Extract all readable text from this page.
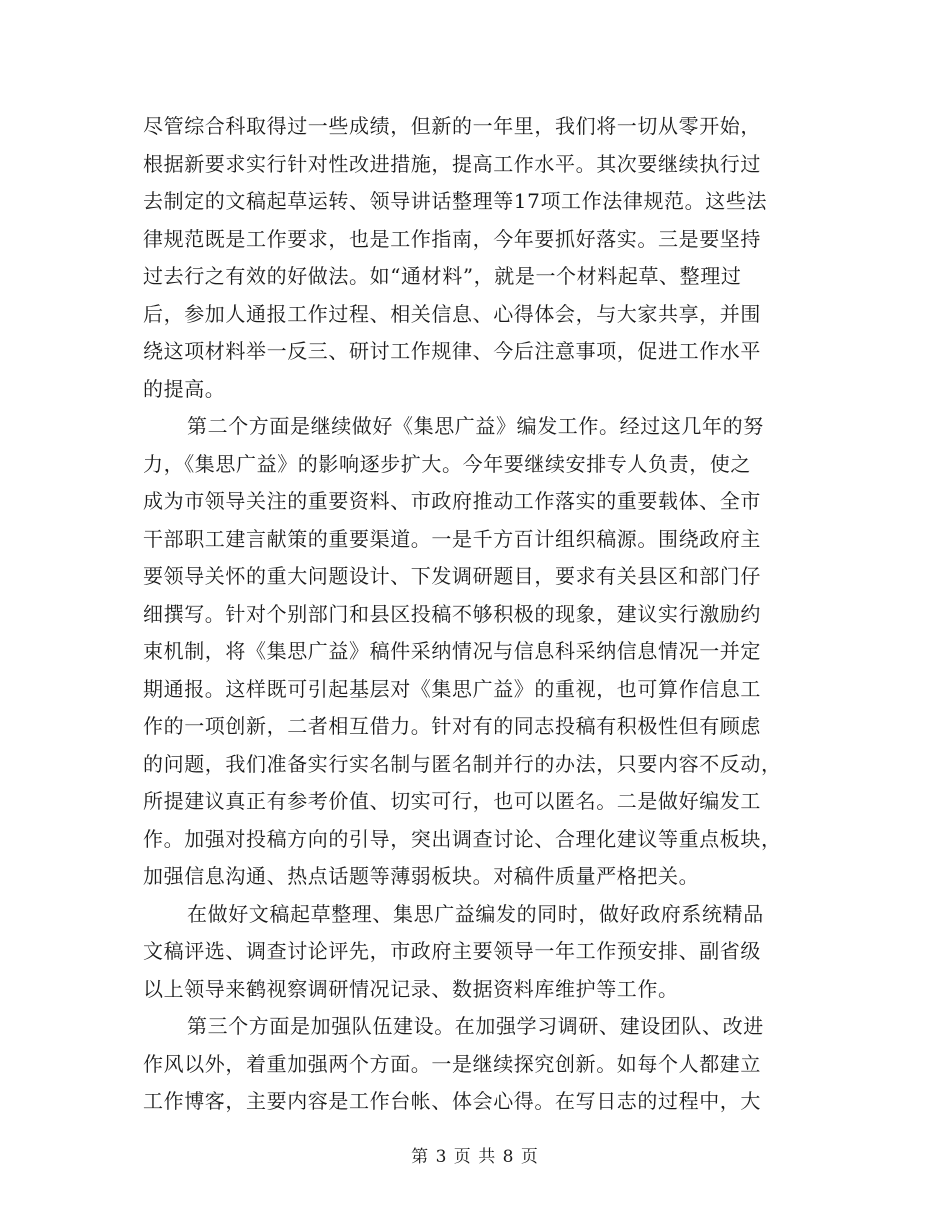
尽管综合科取得过一些成绩，但新的一年里，我们将一切从零开始，
根据新要求实行针对性改进措施，提高工作水平。其次要继续执行过
去制定的文稿起草运转、领导讲话整理等17项工作法律规范。这些法
律规范既是工作要求，也是工作指南，今年要抓好落实。三是要坚持
过去行之有效的好做法。如“通材料”，就是一个材料起草、整理过
后，参加人通报工作过程、相关信息、心得体会，与大家共享，并围
绕这项材料举一反三、研讨工作规律、今后注意事项，促进工作水平
的提高。
第二个方面是继续做好《集思广益》编发工作。经过这几年的努
力，《集思广益》的影响逐步扩大。今年要继续安排专人负责，使之
成为市领导关注的重要资料、市政府推动工作落实的重要载体、全市
干部职工建言献策的重要渠道。一是千方百计组织稿源。围绕政府主
要领导关怀的重大问题设计、下发调研题目，要求有关县区和部门仔
细撰写。针对个别部门和县区投稿不够积极的现象，建议实行激励约
束机制，将《集思广益》稿件采纳情况与信息科采纳信息情况一并定
期通报。这样既可引起基层对《集思广益》的重视，也可算作信息工
作的一项创新，二者相互借力。针对有的同志投稿有积极性但有顾虑
的问题，我们准备实行实名制与匿名制并行的办法，只要内容不反动，
所提建议真正有参考价值、切实可行，也可以匿名。二是做好编发工
作。加强对投稿方向的引导，突出调查讨论、合理化建议等重点板块，
加强信息沟通、热点话题等薄弱板块。对稿件质量严格把关。
在做好文稿起草整理、集思广益编发的同时，做好政府系统精品
文稿评选、调查讨论评先，市政府主要领导一年工作预安排、副省级
以上领导来鹤视察调研情况记录、数据资料库维护等工作。
第三个方面是加强队伍建设。在加强学习调研、建设团队、改进
作风以外，着重加强两个方面。一是继续探究创新。如每个人都建立
工作博客，主要内容是工作台帐、体会心得。在写日志的过程中，大
第 3 页 共 8 页
